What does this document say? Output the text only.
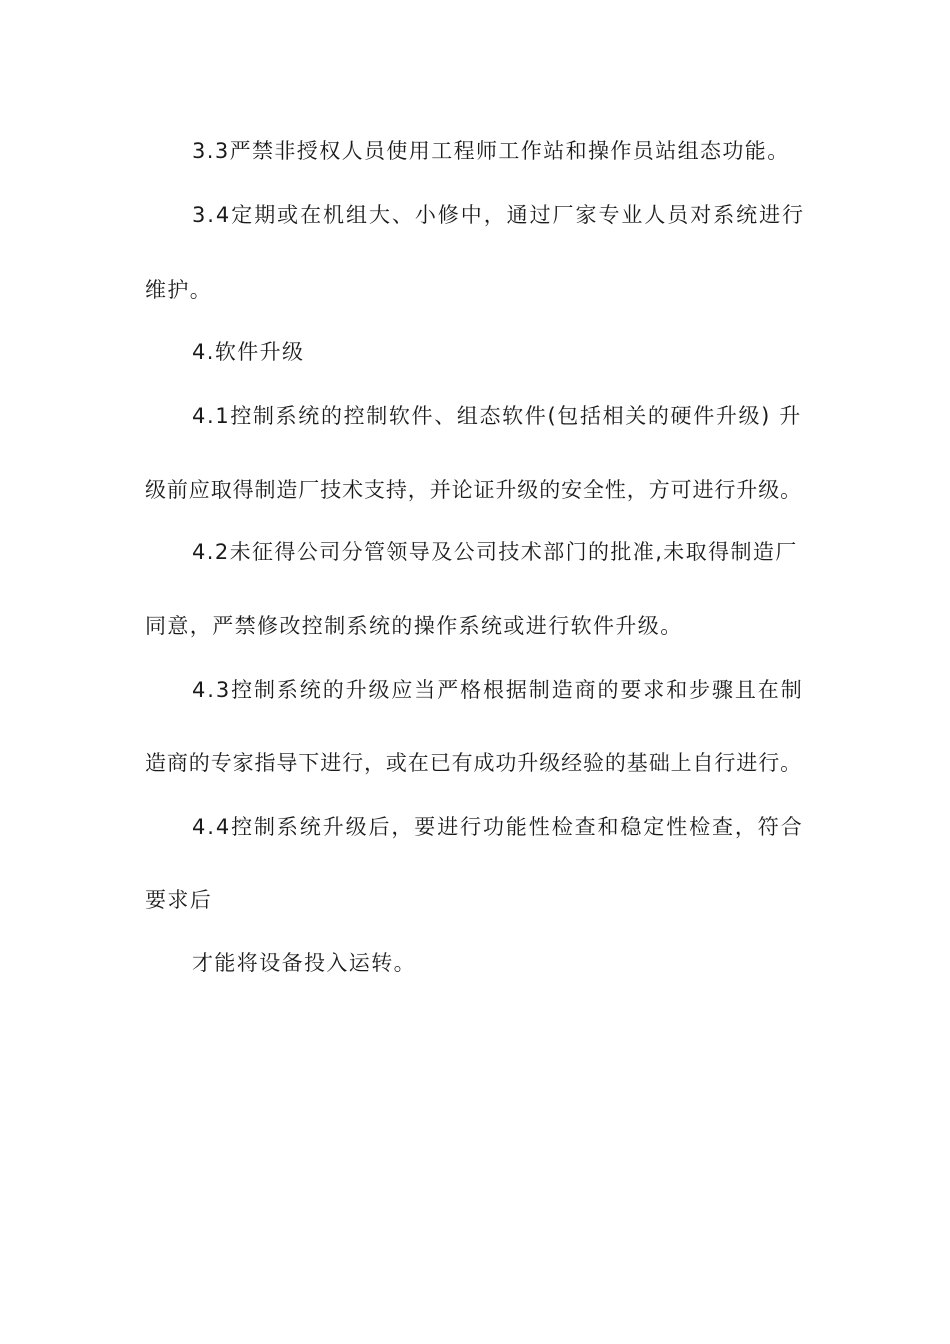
3.3严禁非授权人员使用工程师工作站和操作员站组态功能。
3.4定期或在机组大、小修中，通过厂家专业人员对系统进行
维护。
4.软件升级
4.1控制系统的控制软件、组态软件(包括相关的硬件升级) 升
级前应取得制造厂技术支持，并论证升级的安全性，方可进行升级。
4.2未征得公司分管领导及公司技术部门的批准,未取得制造厂
同意，严禁修改控制系统的操作系统或进行软件升级。
4.3控制系统的升级应当严格根据制造商的要求和步骤且在制
造商的专家指导下进行，或在已有成功升级经验的基础上自行进行。
4.4控制系统升级后，要进行功能性检查和稳定性检查，符合
要求后
才能将设备投入运转。
